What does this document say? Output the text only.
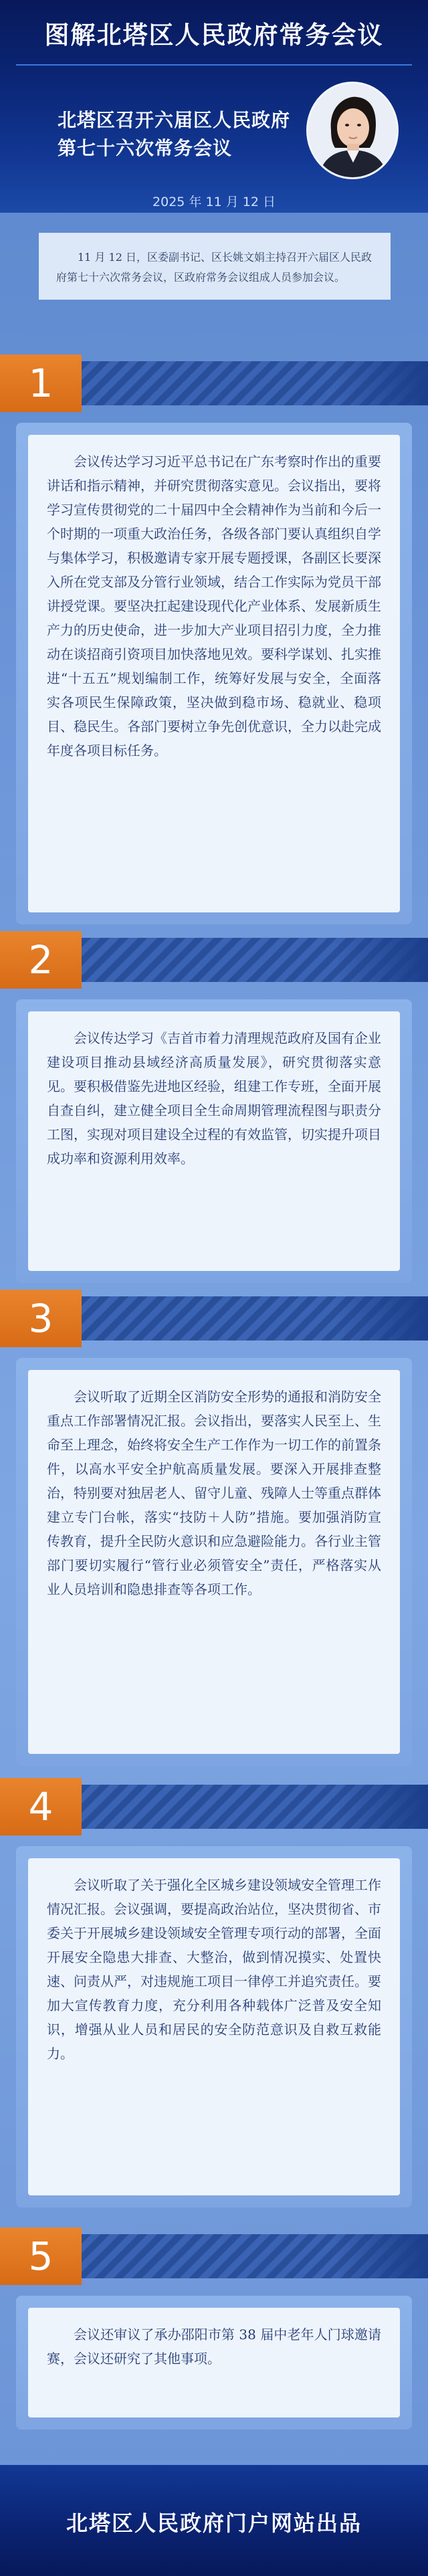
图解北塔区人民政府常务会议
北塔区召开六届区人民政府
第七十六次常务会议
2025 年 11 月 12 日
11 月 12 日，区委副书记、区长姚文娟主持召开六届区人民政府第七十六次常务会议，区政府常务会议组成人员参加会议。
1
会议传达学习习近平总书记在广东考察时作出的重要讲话和指示精神，并研究贯彻落实意见。会议指出，要将学习宣传贯彻党的二十届四中全会精神作为当前和今后一个时期的一项重大政治任务，各级各部门要认真组织自学与集体学习，积极邀请专家开展专题授课，各副区长要深入所在党支部及分管行业领域，结合工作实际为党员干部讲授党课。要坚决扛起建设现代化产业体系、发展新质生产力的历史使命，进一步加大产业项目招引力度，全力推动在谈招商引资项目加快落地见效。要科学谋划、扎实推进“十五五”规划编制工作，统筹好发展与安全，全面落实各项民生保障政策，坚决做到稳市场、稳就业、稳项目、稳民生。各部门要树立争先创优意识，全力以赴完成年度各项目标任务。
2
会议传达学习《吉首市着力清理规范政府及国有企业建设项目推动县域经济高质量发展》，研究贯彻落实意见。要积极借鉴先进地区经验，组建工作专班，全面开展自查自纠，建立健全项目全生命周期管理流程图与职责分工图，实现对项目建设全过程的有效监管，切实提升项目成功率和资源利用效率。
3
会议听取了近期全区消防安全形势的通报和消防安全重点工作部署情况汇报。会议指出，要落实人民至上、生命至上理念，始终将安全生产工作作为一切工作的前置条件，以高水平安全护航高质量发展。要深入开展排查整治，特别要对独居老人、留守儿童、残障人士等重点群体建立专门台帐，落实“技防＋人防”措施。要加强消防宣传教育，提升全民防火意识和应急避险能力。各行业主管部门要切实履行“管行业必须管安全”责任，严格落实从业人员培训和隐患排查等各项工作。
4
会议听取了关于强化全区城乡建设领域安全管理工作情况汇报。会议强调，要提高政治站位，坚决贯彻省、市委关于开展城乡建设领域安全管理专项行动的部署，全面开展安全隐患大排查、大整治，做到情况摸实、处置快速、问责从严，对违规施工项目一律停工并追究责任。要加大宣传教育力度，充分利用各种载体广泛普及安全知识，增强从业人员和居民的安全防范意识及自救互救能力。
5
会议还审议了承办邵阳市第 38 届中老年人门球邀请赛，会议还研究了其他事项。
北塔区人民政府门户网站出品
